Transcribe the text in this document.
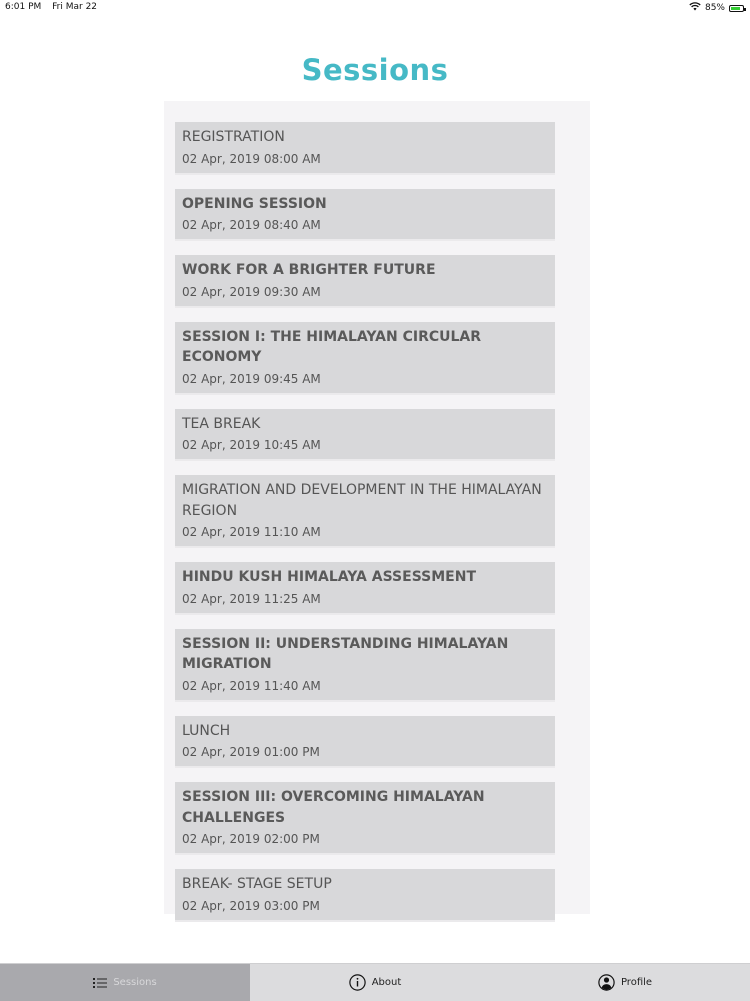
6:01 PM Fri Mar 22	85%
Sessions
REGISTRATION
02 Apr, 2019 08:00 AM
OPENING SESSION
02 Apr, 2019 08:40 AM
WORK FOR A BRIGHTER FUTURE
02 Apr, 2019 09:30 AM
SESSION I: THE HIMALAYAN CIRCULAR ECONOMY
02 Apr, 2019 09:45 AM
TEA BREAK
02 Apr, 2019 10:45 AM
MIGRATION AND DEVELOPMENT IN THE HIMALAYAN REGION
02 Apr, 2019 11:10 AM
HINDU KUSH HIMALAYA ASSESSMENT
02 Apr, 2019 11:25 AM
SESSION II: UNDERSTANDING HIMALAYAN MIGRATION
02 Apr, 2019 11:40 AM
LUNCH
02 Apr, 2019 01:00 PM
SESSION III: OVERCOMING HIMALAYAN CHALLENGES
02 Apr, 2019 02:00 PM
BREAK- STAGE SETUP
02 Apr, 2019 03:00 PM
Sessions	About	Profile
